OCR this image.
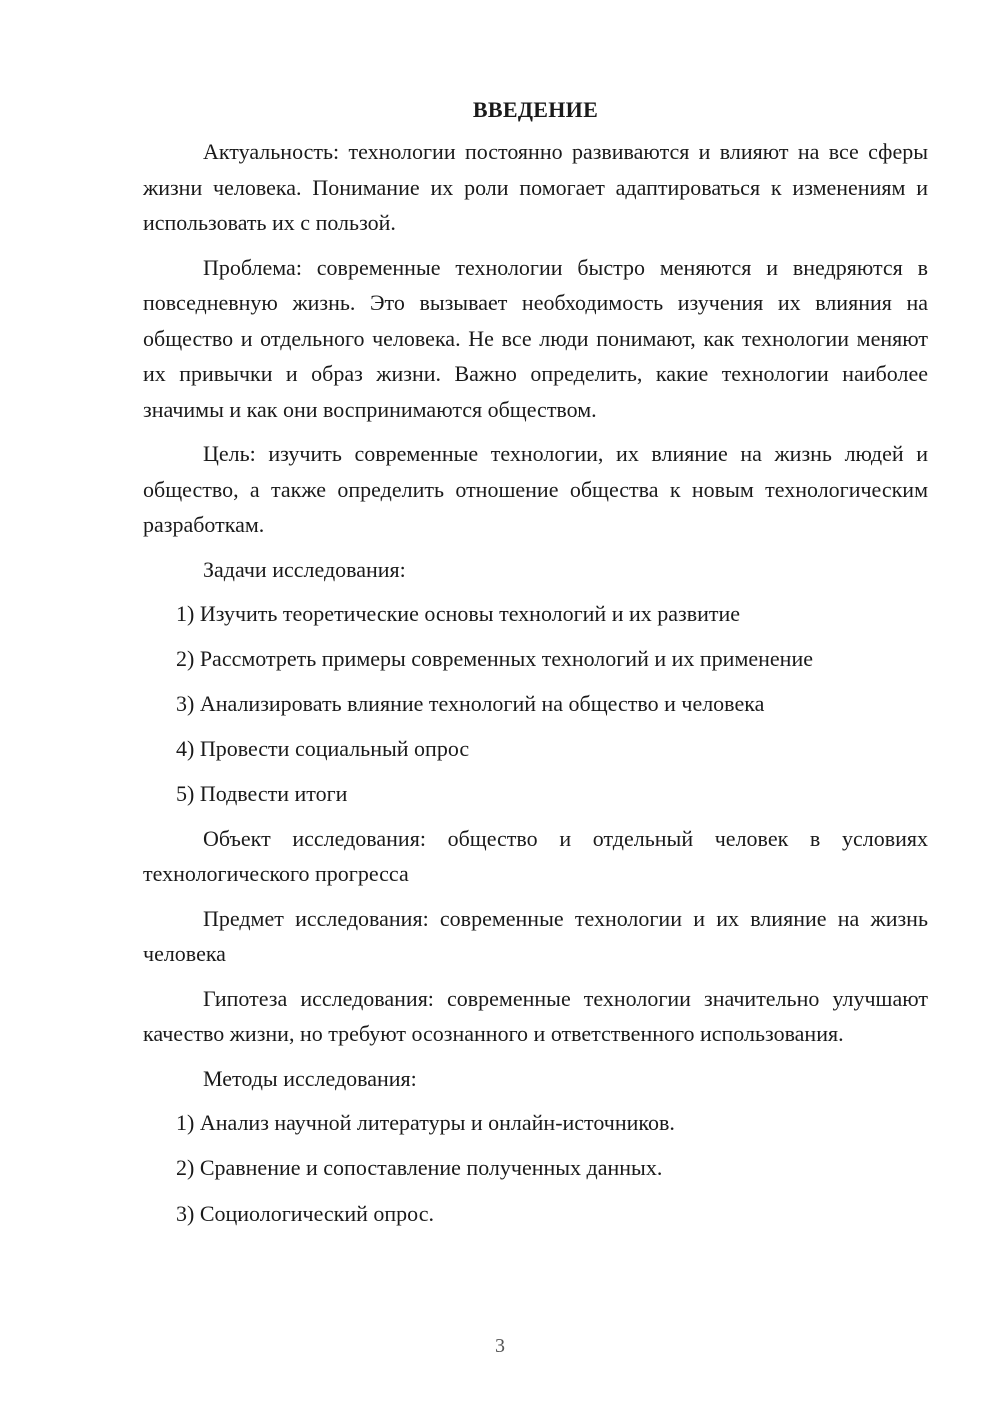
ВВЕДЕНИЕ

Актуальность: технологии постоянно развиваются и влияют на все сферы жизни человека. Понимание их роли помогает адаптироваться к изменениям и использовать их с пользой.

Проблема: современные технологии быстро меняются и внедряются в повседневную жизнь. Это вызывает необходимость изучения их влияния на общество и отдельного человека. Не все люди понимают, как технологии меняют их привычки и образ жизни. Важно определить, какие технологии наиболее значимы и как они воспринимаются обществом.

Цель: изучить современные технологии, их влияние на жизнь людей и общество, а также определить отношение общества к новым технологическим разработкам.

Задачи исследования:

1) Изучить теоретические основы технологий и их развитие
2) Рассмотреть примеры современных технологий и их применение
3) Анализировать влияние технологий на общество и человека
4) Провести социальный опрос
5) Подвести итоги

Объект исследования: общество и отдельный человек в условиях технологического прогресса

Предмет исследования: современные технологии и их влияние на жизнь человека

Гипотеза исследования: современные технологии значительно улучшают качество жизни, но требуют осознанного и ответственного использования.

Методы исследования:

1) Анализ научной литературы и онлайн-источников.
2) Сравнение и сопоставление полученных данных.
3) Социологический опрос.
3
